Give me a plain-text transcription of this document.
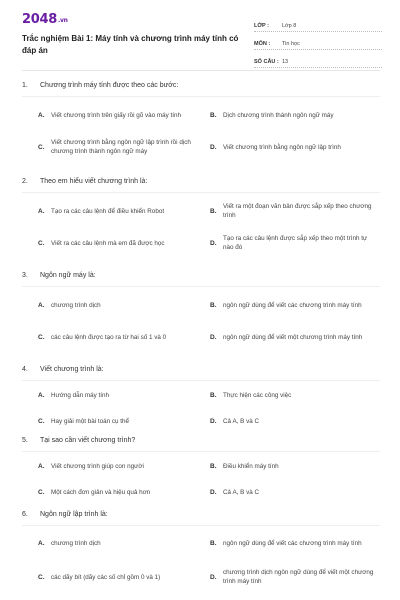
2048.vn
Trắc nghiệm Bài 1: Máy tính và chương trình máy tính có đáp án
LỚP :	Lớp 8
MÔN :	Tin học
SỐ CÂU : 13
1.	Chương trình máy tính được theo các bước:
A.	Viết chương trình trên giấy rồi gõ vào máy tính	B.	Dịch chương trình thành ngôn ngữ máy
C.
Viết chương trình bằng ngôn ngữ lập trình rồi dịch chương trình thành ngôn ngữ máy
D.	Viết chương trình bằng ngôn ngữ lập trình
2.	Theo em hiểu viết chương trình là:
A.	Tạo ra các câu lệnh để điều khiển Robot	B.
Viết ra một đoạn văn bản được sắp xếp theo chương trình
C.	Viết ra các câu lệnh mà em đã được học	D.
Tạo ra các câu lệnh được sắp xếp theo một trình tự nào đó
3.	Ngôn ngữ máy là:
A.	chương trình dịch	B.	ngôn ngữ dùng để viết các chương trình máy tính
C.	các câu lệnh được tạo ra từ hai số 1 và 0	D.	ngôn ngữ dùng để viết một chương trình máy tính
4.	Viết chương trình là:
A.	Hướng dẫn máy tính	B.	Thực hiện các công việc
C.	Hay giải một bài toán cụ thể	D.	Cả A, B và C
5.	Tại sao cần viết chương trình?
A.	Viết chương trình giúp con người	B.	Điều khiển máy tính
C.	Một cách đơn giản và hiệu quả hơn	D.	Cả A, B và C
6.	Ngôn ngữ lập trình là:
A.	chương trình dịch	B.	ngôn ngữ dùng để viết các chương trình máy tính
C.	các dãy bít (dãy các số chỉ gồm 0 và 1)	D.
chương trình dịch ngôn ngữ dùng để viết một chương trình máy tính
